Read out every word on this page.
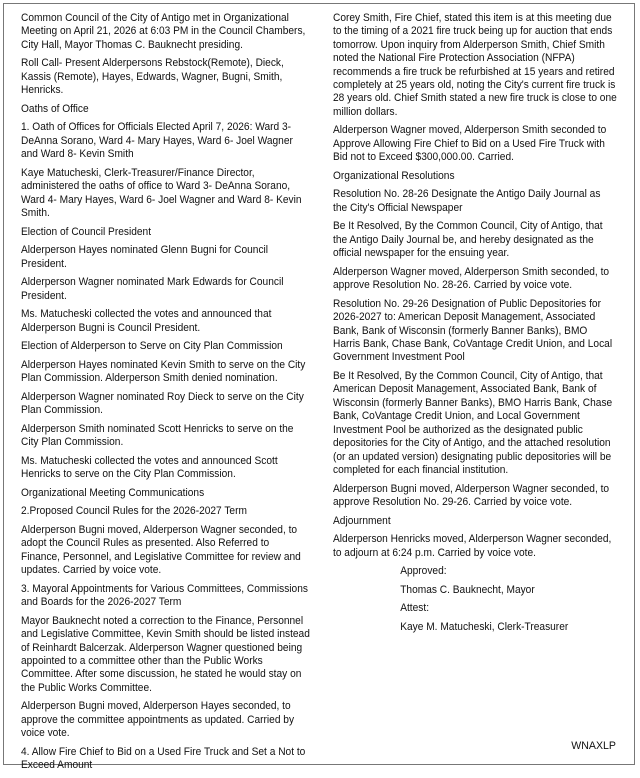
Common Council of the City of Antigo met in Organizational Meeting on April 21, 2026 at 6:03 PM in the Council Chambers, City Hall, Mayor Thomas C. Bauknecht presiding.

Roll Call- Present Alderpersons Rebstock(Remote), Dieck, Kassis (Remote), Hayes, Edwards, Wagner, Bugni, Smith, Henricks.

Oaths of Office

1. Oath of Offices for Officials Elected April 7, 2026: Ward 3- DeAnna Sorano, Ward 4- Mary Hayes, Ward 6- Joel Wagner and Ward 8- Kevin Smith

Kaye Matucheski, Clerk-Treasurer/Finance Director, administered the oaths of office to Ward 3- DeAnna Sorano, Ward 4- Mary Hayes, Ward 6- Joel Wagner and Ward 8- Kevin Smith.

Election of Council President

Alderperson Hayes nominated Glenn Bugni for Council President.

Alderperson Wagner nominated Mark Edwards for Council President.

Ms. Matucheski collected the votes and announced that Alderperson Bugni is Council President.

Election of Alderperson to Serve on City Plan Commission

Alderperson Hayes nominated Kevin Smith to serve on the City Plan Commission. Alderperson Smith denied nomination.

Alderperson Wagner nominated Roy Dieck to serve on the City Plan Commission.

Alderperson Smith nominated Scott Henricks to serve on the City Plan Commission.

Ms. Matucheski collected the votes and announced Scott Henricks to serve on the City Plan Commission.

Organizational Meeting Communications

2.Proposed Council Rules for the 2026-2027 Term

Alderperson Bugni moved, Alderperson Wagner seconded, to adopt the Council Rules as presented. Also Referred to Finance, Personnel, and Legislative Committee for review and updates. Carried by voice vote.

3. Mayoral Appointments for Various Committees, Commissions and Boards for the 2026-2027 Term

Mayor Bauknecht noted a correction to the Finance, Personnel and Legislative Committee, Kevin Smith should be listed instead of Reinhardt Balcerzak. Alderperson Wagner questioned being appointed to a committee other than the Public Works Committee. After some discussion, he stated he would stay on the Public Works Committee.

Alderperson Bugni moved, Alderperson Hayes seconded, to approve the committee appointments as updated. Carried by voice vote.

4. Allow Fire Chief to Bid on a Used Fire Truck and Set a Not to Exceed Amount

Corey Smith, Fire Chief, stated this item is at this meeting due to the timing of a 2021 fire truck being up for auction that ends tomorrow. Upon inquiry from Alderperson Smith, Chief Smith noted the National Fire Protection Association (NFPA) recommends a fire truck be refurbished at 15 years and retired completely at 25 years old, noting the City's current fire truck is 28 years old. Chief Smith stated a new fire truck is close to one million dollars.

Alderperson Wagner moved, Alderperson Smith seconded to Approve Allowing Fire Chief to Bid on a Used Fire Truck with Bid not to Exceed $300,000.00. Carried.

Organizational Resolutions

Resolution No. 28-26 Designate the Antigo Daily Journal as the City's Official Newspaper

Be It Resolved, By the Common Council, City of Antigo, that the Antigo Daily Journal be, and hereby designated as the official newspaper for the ensuing year.

Alderperson Wagner moved, Alderperson Smith seconded, to approve Resolution No. 28-26. Carried by voice vote.

Resolution No. 29-26 Designation of Public Depositories for 2026-2027 to: American Deposit Management, Associated Bank, Bank of Wisconsin (formerly Banner Banks), BMO Harris Bank, Chase Bank, CoVantage Credit Union, and Local Government Investment Pool

Be It Resolved, By the Common Council, City of Antigo, that American Deposit Management, Associated Bank, Bank of Wisconsin (formerly Banner Banks), BMO Harris Bank, Chase Bank, CoVantage Credit Union, and Local Government Investment Pool be authorized as the designated public depositories for the City of Antigo, and the attached resolution (or an updated version) designating public depositories will be completed for each financial institution.

Alderperson Bugni moved, Alderperson Wagner seconded, to approve Resolution No. 29-26. Carried by voice vote.

Adjournment

Alderperson Henricks moved, Alderperson Wagner seconded, to adjourn at 6:24 p.m. Carried by voice vote.

Approved:

Thomas C. Bauknecht, Mayor

Attest:

Kaye M. Matucheski, Clerk-Treasurer

WNAXLP
